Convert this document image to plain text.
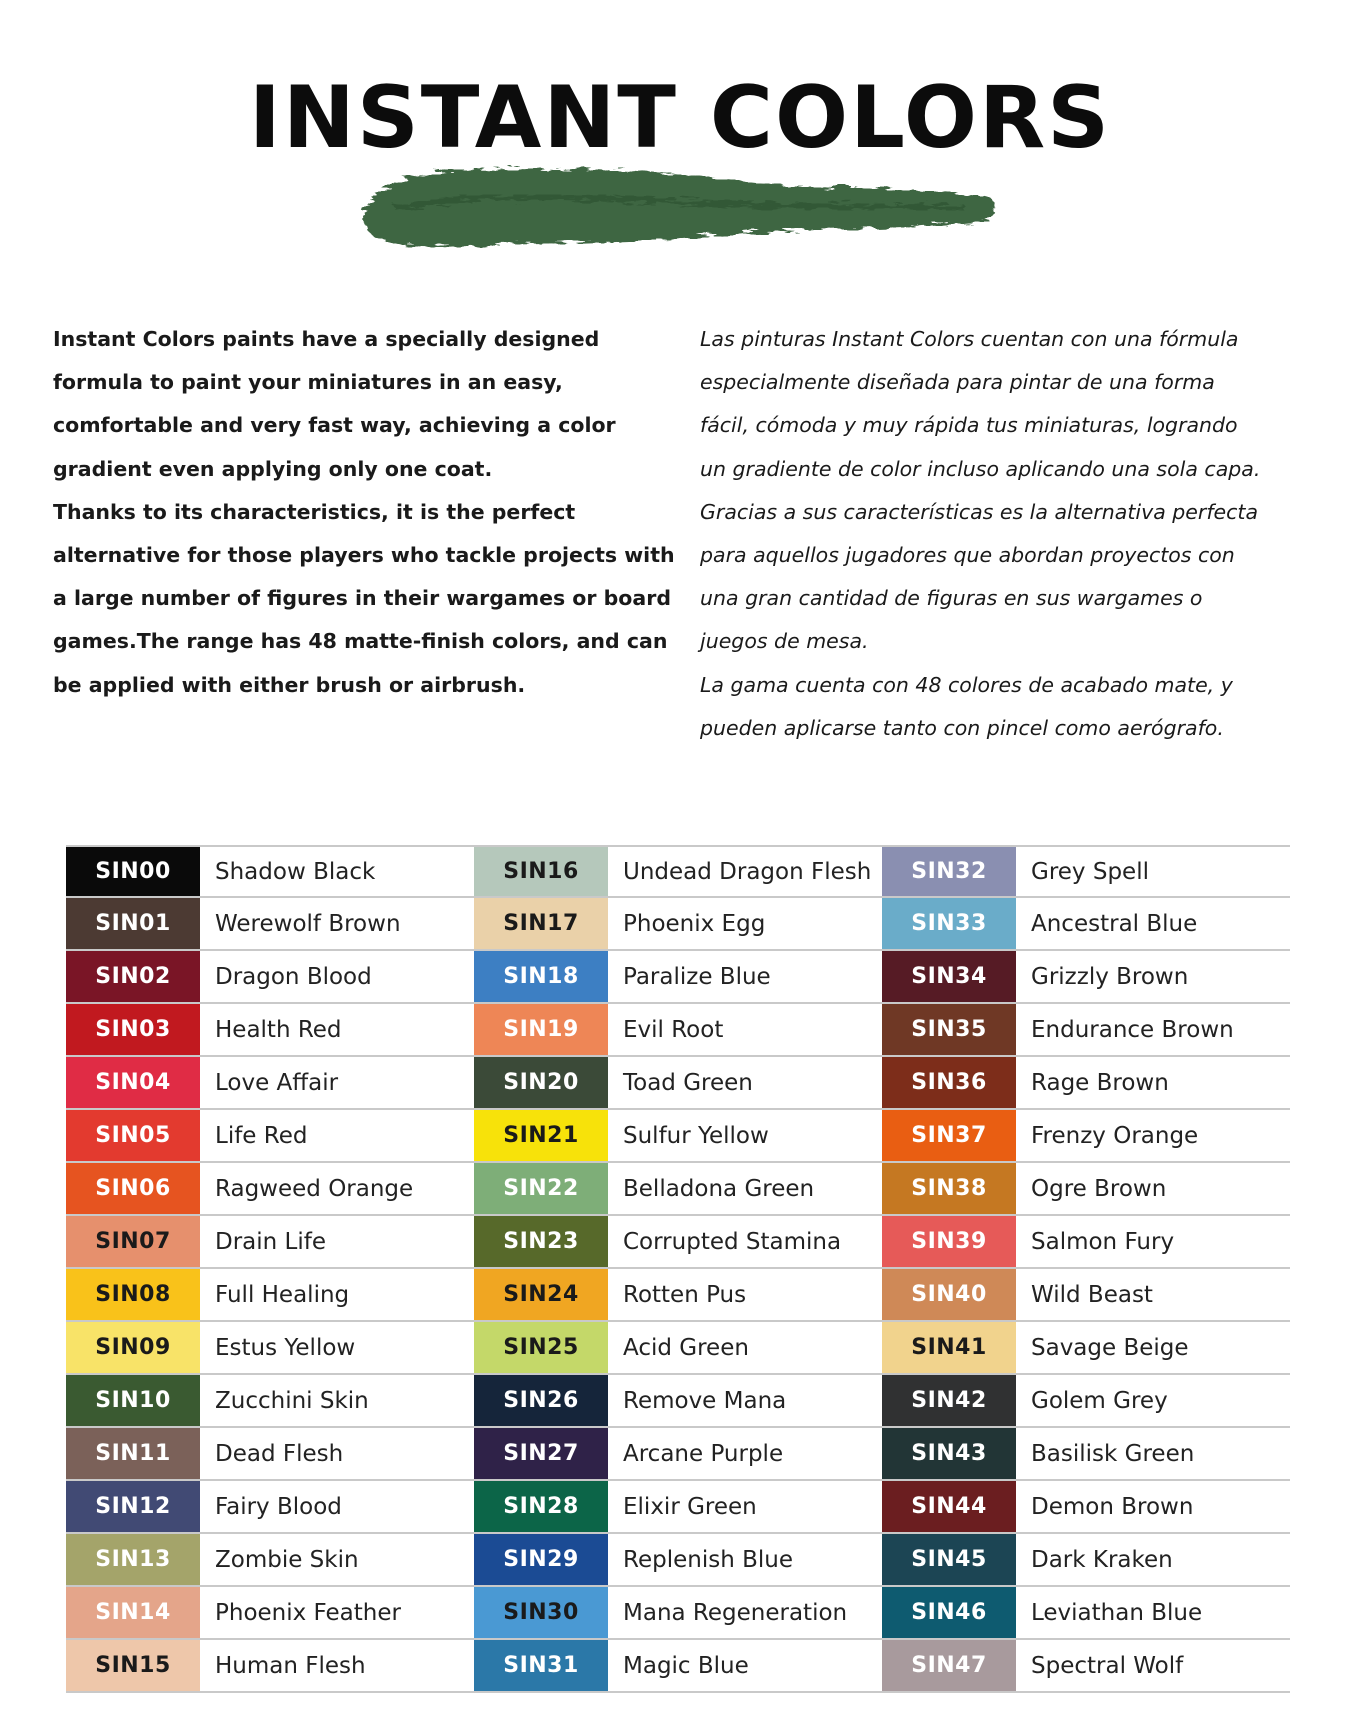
INSTANT COLORS

Instant Colors paints have a specially designed
formula to paint your miniatures in an easy,
comfortable and very fast way, achieving a color
gradient even applying only one coat.
Thanks to its characteristics, it is the perfect
alternative for those players who tackle projects with
a large number of figures in their wargames or board
games.The range has 48 matte-finish colors, and can
be applied with either brush or airbrush.

Las pinturas Instant Colors cuentan con una fórmula
especialmente diseñada para pintar de una forma
fácil, cómoda y muy rápida tus miniaturas, logrando
un gradiente de color incluso aplicando una sola capa.
Gracias a sus características es la alternativa perfecta
para aquellos jugadores que abordan proyectos con
una gran cantidad de figuras en sus wargames o
juegos de mesa.
La gama cuenta con 48 colores de acabado mate, y
pueden aplicarse tanto con pincel como aerógrafo.

SIN00	Shadow Black
SIN01	Werewolf Brown
SIN02	Dragon Blood
SIN03	Health Red
SIN04	Love Affair
SIN05	Life Red
SIN06	Ragweed Orange
SIN07	Drain Life
SIN08	Full Healing
SIN09	Estus Yellow
SIN10	Zucchini Skin
SIN11	Dead Flesh
SIN12	Fairy Blood
SIN13	Zombie Skin
SIN14	Phoenix Feather
SIN15	Human Flesh
SIN16	Undead Dragon Flesh
SIN17	Phoenix Egg
SIN18	Paralize Blue
SIN19	Evil Root
SIN20	Toad Green
SIN21	Sulfur Yellow
SIN22	Belladona Green
SIN23	Corrupted Stamina
SIN24	Rotten Pus
SIN25	Acid Green
SIN26	Remove Mana
SIN27	Arcane Purple
SIN28	Elixir Green
SIN29	Replenish Blue
SIN30	Mana Regeneration
SIN31	Magic Blue
SIN32	Grey Spell
SIN33	Ancestral Blue
SIN34	Grizzly Brown
SIN35	Endurance Brown
SIN36	Rage Brown
SIN37	Frenzy Orange
SIN38	Ogre Brown
SIN39	Salmon Fury
SIN40	Wild Beast
SIN41	Savage Beige
SIN42	Golem Grey
SIN43	Basilisk Green
SIN44	Demon Brown
SIN45	Dark Kraken
SIN46	Leviathan Blue
SIN47	Spectral Wolf
